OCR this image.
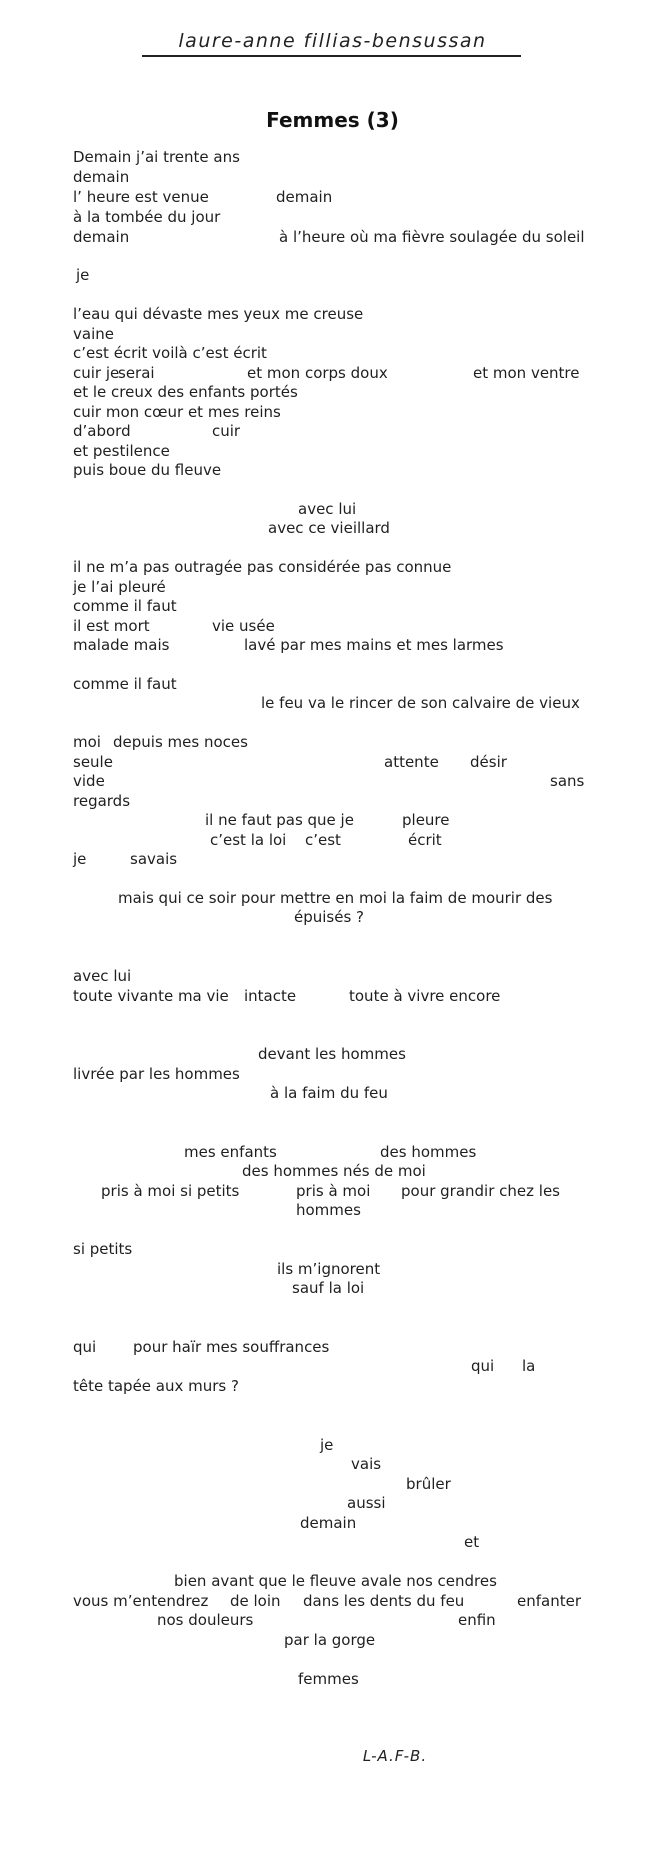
laure-anne fillias-bensussan
Femmes (3)
Demain j’ai trente ans
demain
l’ heure est venue	demain
à la tombée du jour
demain	à l’heure où ma fièvre soulagée du soleil
je
l’eau qui dévaste mes yeux me creuse
vaine
c’est écrit voilà c’est écrit
cuir je
serai	et mon corps doux	et mon ventre
et le creux des enfants portés
cuir mon cœur et mes reins
d’abord	cuir
et pestilence
puis boue du fleuve
avec lui
avec ce vieillard
il ne m’a pas outragée pas considérée pas connue
je l’ai pleuré
comme il faut
il est mort	vie usée
malade mais	lavé par mes mains et mes larmes
comme il faut
le feu va le rincer de son calvaire de vieux
moi depuis mes noces
seule	attente désir
vide	sans
regards
il ne faut pas que je	pleure
c’est la loi c’est	écrit
je	savais
mais qui ce soir pour mettre en moi la faim de mourir des
épuisés ?
avec lui
toute vivante ma vie intacte	toute à vivre encore
devant les hommes
livrée par les hommes
à la faim du feu
mes enfants	des hommes
des hommes nés de moi
pris à moi si petits	pris à moi pour grandir chez les
hommes
si petits
ils m’ignorent
sauf la loi
qui pour haïr mes souffrances
qui la
tête tapée aux murs ?
je
vais
brûler
aussi
demain
et
bien avant que le fleuve avale nos cendres
vous m’entendrez de loin dans les dents du feu	enfanter
nos douleurs	enfin
par la gorge
femmes
L-A.F-B.
